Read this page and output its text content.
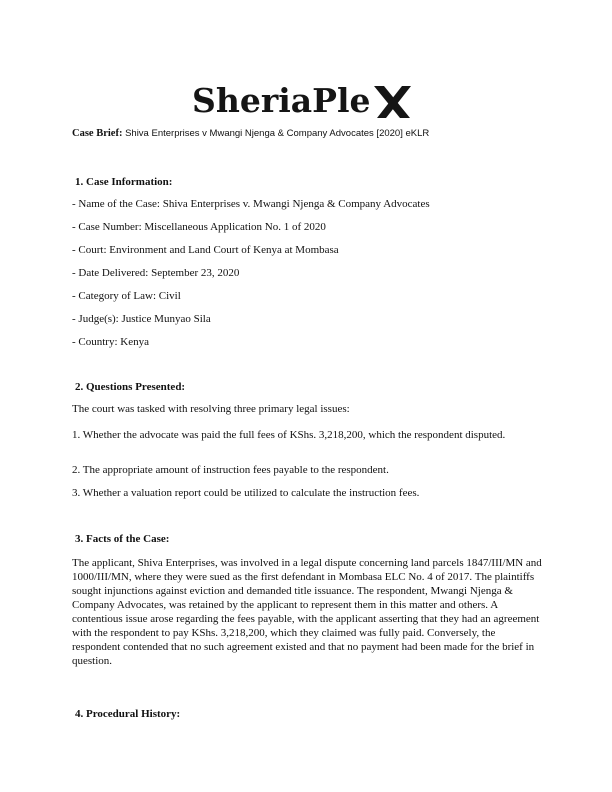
SheriaPle
Case Brief: Shiva Enterprises v Mwangi Njenga & Company Advocates [2020] eKLR
1. Case Information:
- Name of the Case: Shiva Enterprises v. Mwangi Njenga & Company Advocates
- Case Number: Miscellaneous Application No. 1 of 2020
- Court: Environment and Land Court of Kenya at Mombasa
- Date Delivered: September 23, 2020
- Category of Law: Civil
- Judge(s): Justice Munyao Sila
- Country: Kenya
2. Questions Presented:
The court was tasked with resolving three primary legal issues:
1. Whether the advocate was paid the full fees of KShs. 3,218,200, which the respondent disputed.
2. The appropriate amount of instruction fees payable to the respondent.
3. Whether a valuation report could be utilized to calculate the instruction fees.
3. Facts of the Case:
The applicant, Shiva Enterprises, was involved in a legal dispute concerning land parcels 1847/III/MN and 1000/III/MN, where they were sued as the first defendant in Mombasa ELC No. 4 of 2017. The plaintiffs sought injunctions against eviction and demanded title issuance. The respondent, Mwangi Njenga & Company Advocates, was retained by the applicant to represent them in this matter and others. A contentious issue arose regarding the fees payable, with the applicant asserting that they had an agreement with the respondent to pay KShs. 3,218,200, which they claimed was fully paid. Conversely, the respondent contended that no such agreement existed and that no payment had been made for the brief in question.
4. Procedural History:
